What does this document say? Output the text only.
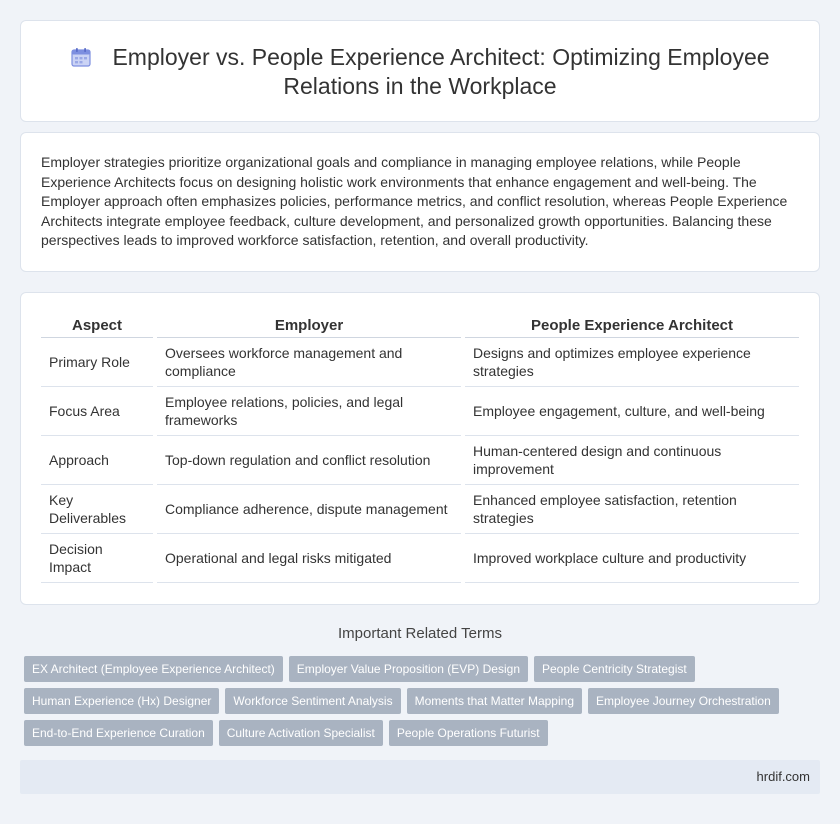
Employer vs. People Experience Architect: Optimizing Employee Relations in the Workplace

Employer strategies prioritize organizational goals and compliance in managing employee relations, while People Experience Architects focus on designing holistic work environments that enhance engagement and well-being. The Employer approach often emphasizes policies, performance metrics, and conflict resolution, whereas People Experience Architects integrate employee feedback, culture development, and personalized growth opportunities. Balancing these perspectives leads to improved workforce satisfaction, retention, and overall productivity.

Aspect	Employer	People Experience Architect
Primary Role	Oversees workforce management and compliance	Designs and optimizes employee experience strategies
Focus Area	Employee relations, policies, and legal frameworks	Employee engagement, culture, and well-being
Approach	Top-down regulation and conflict resolution	Human-centered design and continuous improvement
Key Deliverables	Compliance adherence, dispute management	Enhanced employee satisfaction, retention strategies
Decision Impact	Operational and legal risks mitigated	Improved workplace culture and productivity
Important Related Terms
EX Architect (Employee Experience Architect)	Employer Value Proposition (EVP) Design	People Centricity Strategist
Human Experience (Hx) Designer	Workforce Sentiment Analysis	Moments that Matter Mapping	Employee Journey Orchestration
End-to-End Experience Curation	Culture Activation Specialist	People Operations Futurist
hrdif.com
